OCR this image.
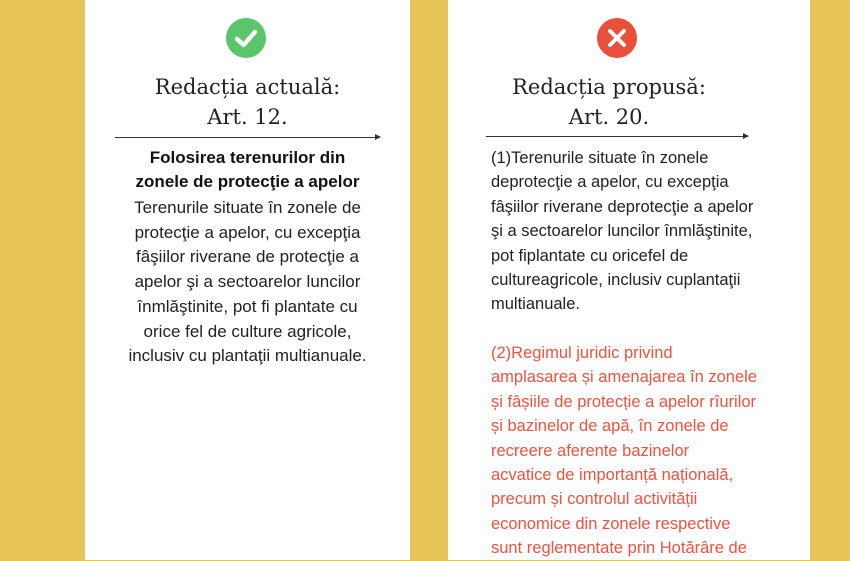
Redacția actuală:
Art. 12.
Folosirea terenurilor din
zonele de protecţie a apelor
Terenurile situate în zonele de
protecţie a apelor, cu excepţia
fâşiilor riverane de protecţie a
apelor şi a sectoarelor luncilor
înmlăştinite, pot fi plantate cu
orice fel de culture agricole,
inclusiv cu plantaţii multianuale.
Redacția propusă:
Art. 20.
(1)Terenurile situate în zonele
deprotecţie a apelor, cu excepţia
fâşiilor riverane deprotecţie a apelor
şi a sectoarelor luncilor înmlăştinite,
pot fiplantate cu oricefel de
cultureagricole, inclusiv cuplantaţii
multianuale.
(2)Regimul juridic privind
amplasarea și amenajarea în zonele
și fâșiile de protecție a apelor rîurilor
și bazinelor de apă, în zonele de
recreere aferente bazinelor
acvatice de importanță națională,
precum și controlul activității
economice din zonele respective
sunt reglementate prin Hotărâre de
